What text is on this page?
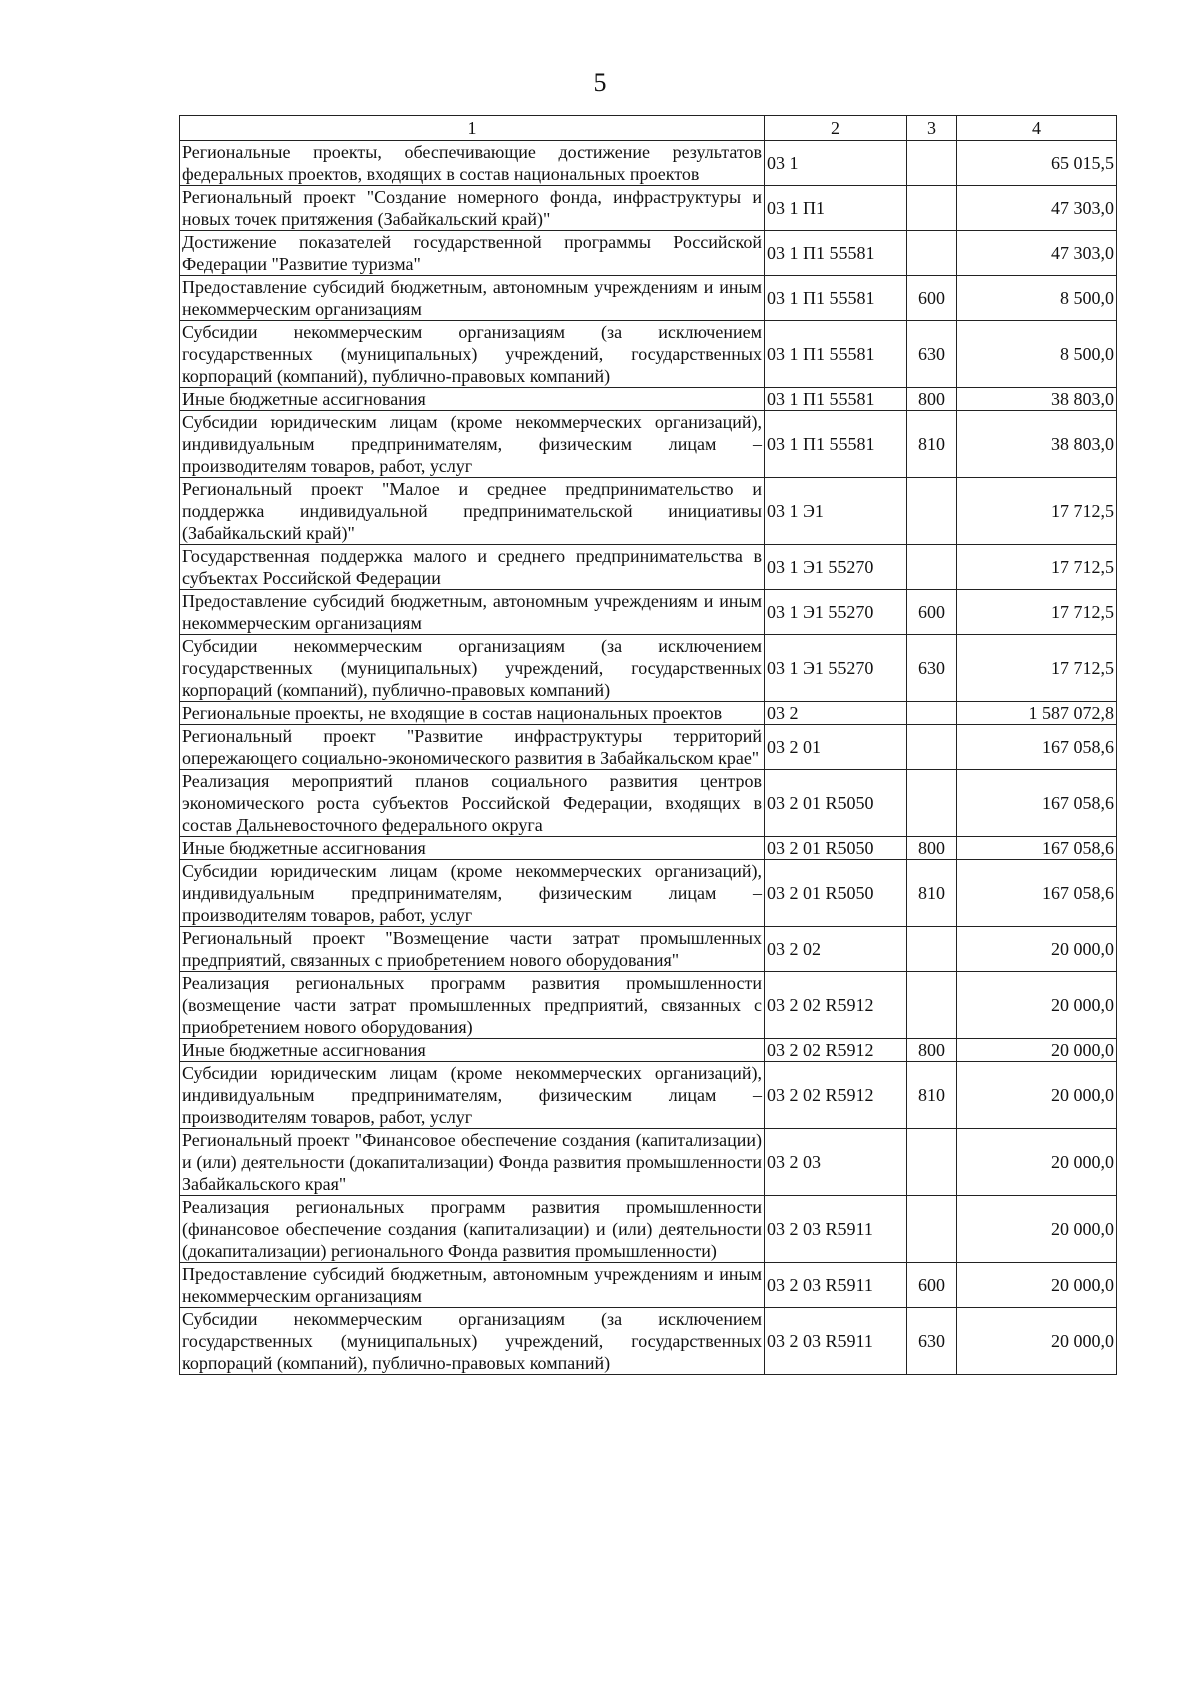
5
1	2	3	4
Региональные проекты, обеспечивающие достижение результатов федеральных проектов, входящих в состав национальных проектов	03 1		65 015,5
Региональный проект "Создание номерного фонда, инфраструктуры и новых точек притяжения (Забайкальский край)"	03 1 П1		47 303,0
Достижение показателей государственной программы Российской Федерации "Развитие туризма"	03 1 П1 55581		47 303,0
Предоставление субсидий бюджетным, автономным учреждениям и иным некоммерческим организациям	03 1 П1 55581	600	8 500,0
Субсидии некоммерческим организациям (за исключением государственных (муниципальных) учреждений, государственных корпораций (компаний), публично-правовых компаний)	03 1 П1 55581	630	8 500,0
Иные бюджетные ассигнования	03 1 П1 55581	800	38 803,0
Субсидии юридическим лицам (кроме некоммерческих организаций), индивидуальным предпринимателям, физическим лицам – производителям товаров, работ, услуг	03 1 П1 55581	810	38 803,0
Региональный проект "Малое и среднее предпринимательство и поддержка индивидуальной предпринимательской инициативы (Забайкальский край)"	03 1 Э1		17 712,5
Государственная поддержка малого и среднего предпринимательства в субъектах Российской Федерации	03 1 Э1 55270		17 712,5
Предоставление субсидий бюджетным, автономным учреждениям и иным некоммерческим организациям	03 1 Э1 55270	600	17 712,5
Субсидии некоммерческим организациям (за исключением государственных (муниципальных) учреждений, государственных корпораций (компаний), публично-правовых компаний)	03 1 Э1 55270	630	17 712,5
Региональные проекты, не входящие в состав национальных проектов	03 2		1 587 072,8
Региональный проект "Развитие инфраструктуры территорий опережающего социально-экономического развития в Забайкальском крае"	03 2 01		167 058,6
Реализация мероприятий планов социального развития центров экономического роста субъектов Российской Федерации, входящих в состав Дальневосточного федерального округа	03 2 01 R5050		167 058,6
Иные бюджетные ассигнования	03 2 01 R5050	800	167 058,6
Субсидии юридическим лицам (кроме некоммерческих организаций), индивидуальным предпринимателям, физическим лицам – производителям товаров, работ, услуг	03 2 01 R5050	810	167 058,6
Региональный проект "Возмещение части затрат промышленных предприятий, связанных с приобретением нового оборудования"	03 2 02		20 000,0
Реализация региональных программ развития промышленности (возмещение части затрат промышленных предприятий, связанных с приобретением нового оборудования)	03 2 02 R5912		20 000,0
Иные бюджетные ассигнования	03 2 02 R5912	800	20 000,0
Субсидии юридическим лицам (кроме некоммерческих организаций), индивидуальным предпринимателям, физическим лицам – производителям товаров, работ, услуг	03 2 02 R5912	810	20 000,0
Региональный проект "Финансовое обеспечение создания (капитализации) и (или) деятельности (докапитализации) Фонда развития промышленности Забайкальского края"	03 2 03		20 000,0
Реализация региональных программ развития промышленности (финансовое обеспечение создания (капитализации) и (или) деятельности (докапитализации) регионального Фонда развития промышленности)	03 2 03 R5911		20 000,0
Предоставление субсидий бюджетным, автономным учреждениям и иным некоммерческим организациям	03 2 03 R5911	600	20 000,0
Субсидии некоммерческим организациям (за исключением государственных (муниципальных) учреждений, государственных корпораций (компаний), публично-правовых компаний)	03 2 03 R5911	630	20 000,0
